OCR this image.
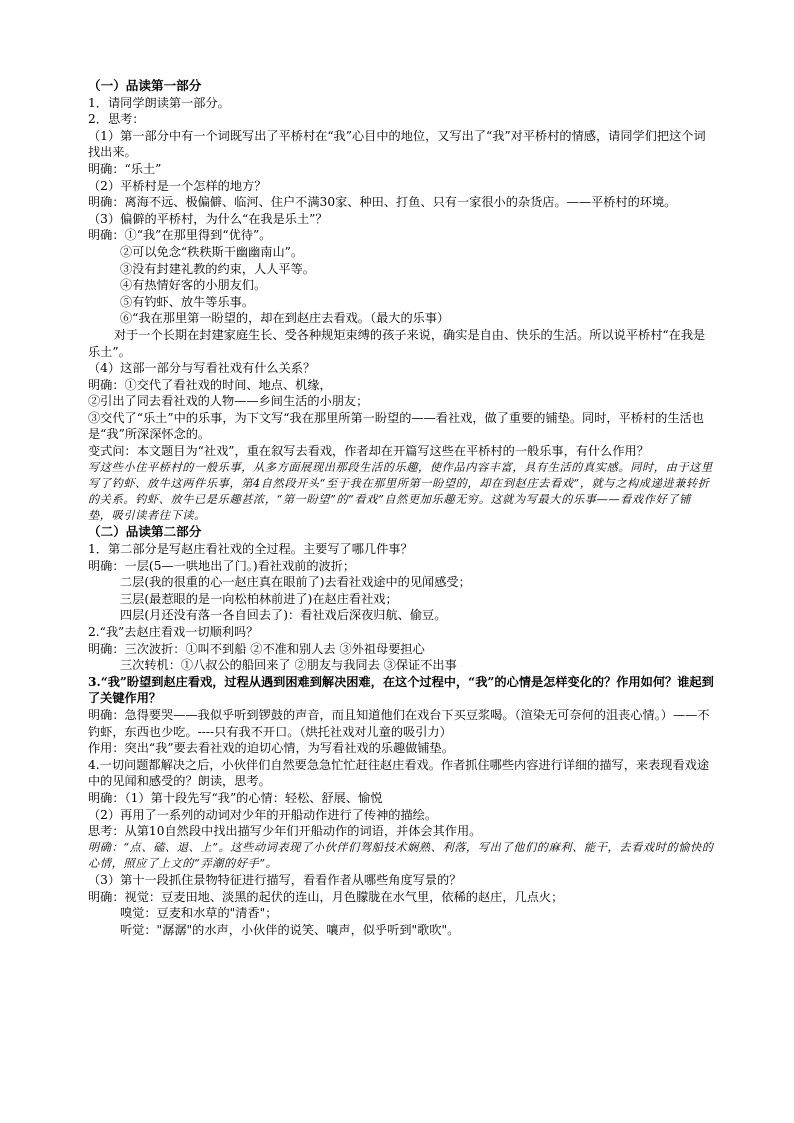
（一）品读第一部分
1．请同学朗读第一部分。
2．思考：
（1）第一部分中有一个词既写出了平桥村在“我”心目中的地位，又写出了“我”对平桥村的情感，请同学们把这个词找出来。
明确：“乐土”
（2）平桥村是一个怎样的地方？
明确：离海不远、极偏僻、临河、住户不满30家、种田、打鱼、只有一家很小的杂货店。——平桥村的环境。
（3）偏僻的平桥村，为什么“在我是乐土”？
明确：①“我”在那里得到“优待”。
②可以免念“秩秩斯干幽幽南山”。
③没有封建礼教的约束，人人平等。
④有热情好客的小朋友们。
⑤有钓虾、放牛等乐事。
⑥“我在那里第一盼望的，却在到赵庄去看戏。（最大的乐事）
对于一个长期在封建家庭生长、受各种规矩束缚的孩子来说，确实是自由、快乐的生活。所以说平桥村“在我是乐土”。
（4）这部一部分与写看社戏有什么关系？
明确：①交代了看社戏的时间、地点、机缘，
②引出了同去看社戏的人物——乡间生活的小朋友；
③交代了“乐土”中的乐事，为下文写“我在那里所第一盼望的——看社戏，做了重要的铺垫。同时，平桥村的生活也是“我”所深深怀念的。
变式问：本文题目为“社戏”，重在叙写去看戏，作者却在开篇写这些在平桥村的一般乐事，有什么作用？
写这些小住平桥村的一般乐事，从多方面展现出那段生活的乐趣，使作品内容丰富，具有生活的真实感。同时，由于这里写了钓虾、放牛这两件乐事，第4自然段开头“至于我在那里所第一盼望的，却在到赵庄去看戏”，就与之构成递进兼转折的关系。钓虾、放牛已是乐趣甚浓，“第一盼望”的“看戏”自然更加乐趣无穷。这就为写最大的乐事——看戏作好了铺垫，吸引读者往下读。
（二）品读第二部分
1．第二部分是写赵庄看社戏的全过程。主要写了哪几件事？
明确：一层(5—一哄地出了门。)看社戏前的波折；
二层(我的很重的心一赵庄真在眼前了)去看社戏途中的见闻感受；
三层(最惹眼的是一向松柏林前进了)在赵庄看社戏；
四层(月还没有落一各自回去了)：看社戏后深夜归航、偷豆。
2.“我”去赵庄看戏一切顺利吗？
明确：三次波折：①叫不到船 ②不准和别人去 ③外祖母要担心
三次转机：①八叔公的船回来了 ②朋友与我同去 ③保证不出事
3.“我”盼望到赵庄看戏，过程从遇到困难到解决困难，在这个过程中，“我”的心情是怎样变化的？作用如何？谁起到了关键作用？
明确：急得要哭——我似乎听到锣鼓的声音，而且知道他们在戏台下买豆浆喝。（渲染无可奈何的沮丧心情。）——不钓虾，东西也少吃。----只有我不开口。（烘托社戏对儿童的吸引力）
作用：突出“我”要去看社戏的迫切心情，为写看社戏的乐趣做铺垫。
4.一切问题都解决之后，小伙伴们自然要急急忙忙赶往赵庄看戏。作者抓住哪些内容进行详细的描写，来表现看戏途中的见闻和感受的？朗读，思考。
明确：（1）第十段先写“我”的心情：轻松、舒展、愉悦
（2）再用了一系列的动词对少年的开船动作进行了传神的描绘。
思考：从第10自然段中找出描写少年们开船动作的词语，并体会其作用。
明确：“点、磕、退、上”。这些动词表现了小伙伴们驾船技术娴熟、利落，写出了他们的麻利、能干，去看戏时的愉快的心情，照应了上文的“弄潮的好手”。
（3）第十一段抓住景物特征进行描写，看看作者从哪些角度写景的？
明确：视觉：豆麦田地、淡黑的起伏的连山，月色朦胧在水气里，依稀的赵庄，几点火；
嗅觉：豆麦和水草的"清香"；
听觉："潺潺"的水声，小伙伴的说笑、嚷声，似乎听到"歌吹"。
